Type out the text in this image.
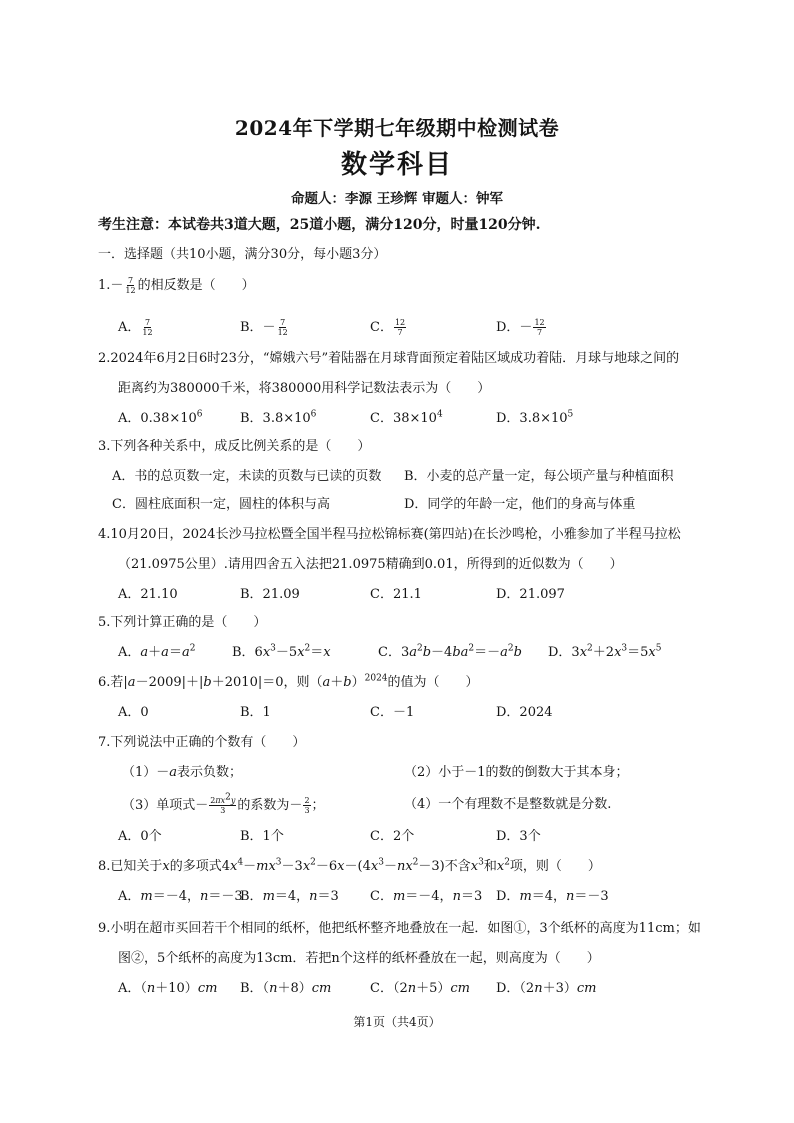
2024年下学期七年级期中检测试卷
数学科目
命题人：李源 王珍辉 审题人：钟军
考生注意：本试卷共3道大题，25道小题，满分120分，时量120分钟.
一．选择题（共10小题，满分30分，每小题3分）
$1.- \frac{7}{12}$ 的相反数是（　　）
A． $\frac{7}{12}$	B．－ $\frac{7}{12}$	C． $\frac{12}{7}$	D．－ $\frac{12}{7}$
2.2024年6月2日6时23分，“嫦娥六号”着陆器在月球背面预定着陆区域成功着陆．月球与地球之间的
距离约为380000千米，将380000用科学记数法表示为（　　）
A．$0.38\times 10^6$	B．$3.8\times 10^6$	C．$38\times 10^4$	D．$3.8\times 10^5$
3.下列各种关系中，成反比例关系的是（　　）
A．书的总页数一定，未读的页数与已读的页数 B．小麦的总产量一定，每公顷产量与种植面积
C．圆柱底面积一定，圆柱的体积与高	D．同学的年龄一定，他们的身高与体重
4.10月20日，2024长沙马拉松暨全国半程马拉松锦标赛(第四站)在长沙鸣枪，小雅参加了半程马拉松
（21.0975公里）.请用四舍五入法把21.0975精确到0.01，所得到的近似数为（　　）
A．21.10	B．21.09	C．21.1	D．21.097
5.下列计算正确的是（　　）
A．$a+a=a^2$	B．$6x^3-5x^2=x$	C．$3a^2b-4ba^2=-a^2b$ D．$3x^2+2x^3=5x^5$
6.若|a－2009|＋|b＋2010|＝0，则$(a+b)^{2024}$的值为（　　）
A．0	B．1	C．－1	D．2024
7.下列说法中正确的个数有（　　）
（1）－a表示负数；	（2）小于－1的数的倒数大于其本身；
（3）单项式－ $\frac{2\pi x^2y}{3}$ 的系数为－ $\frac{2}{3}$ ；	（4）一个有理数不是整数就是分数.
A．0个	B．1个	C．2个	D．3个
8.已知关于x的多项式$4x^4-mx^3-3x^2-6x-(4x^3-nx^2-3)$不含$x^3$和$x^2$项，则（　　）
A．m＝－4，n＝－3
B．m＝4，n＝3 C．m＝－4，n＝3 D．m＝4，n＝－3
9.小明在超市买回若干个相同的纸杯，他把纸杯整齐地叠放在一起．如图①，3个纸杯的高度为11cm；如
图②，5个纸杯的高度为13cm．若把n个这样的纸杯叠放在一起，则高度为（　　）
A．（n＋10）cm B．（n＋8）cm	C．（2n＋5）cm D．（2n＋3）cm
第1页（共4页）
